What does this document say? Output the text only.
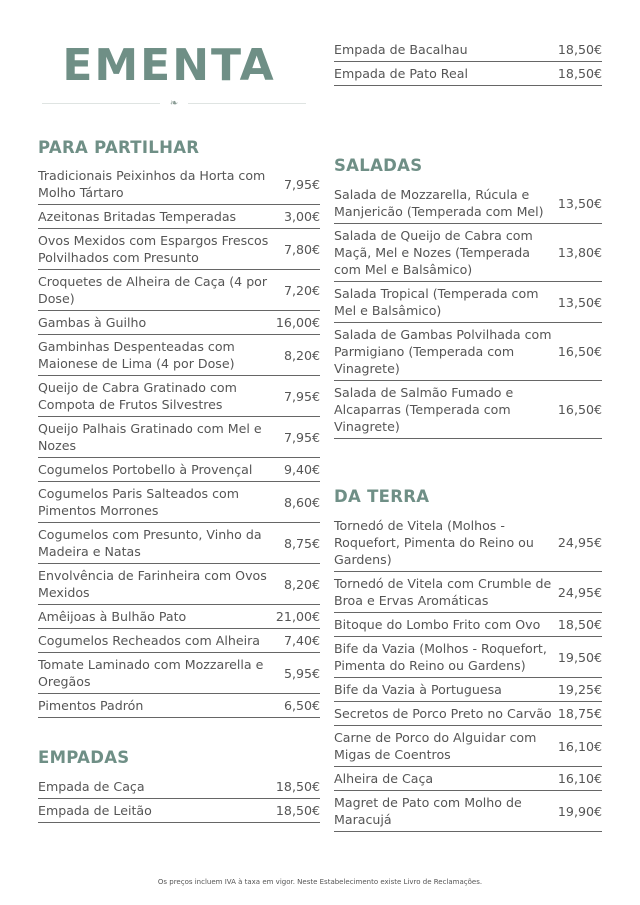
EMENTA
❧
PARA PARTILHAR
Tradicionais Peixinhos da Horta com Molho Tártaro
7,95€
Azeitonas Britadas Temperadas	3,00€
Ovos Mexidos com Espargos Frescos Polvilhados com Presunto
7,80€
Croquetes de Alheira de Caça (4 por Dose)
7,20€
Gambas à Guilho	16,00€
Gambinhas Despenteadas com Maionese de Lima (4 por Dose)
8,20€
Queijo de Cabra Gratinado com Compota de Frutos Silvestres
7,95€
Queijo Palhais Gratinado com Mel e Nozes
7,95€
Cogumelos Portobello à Provençal	9,40€
Cogumelos Paris Salteados com Pimentos Morrones
8,60€
Cogumelos com Presunto, Vinho da Madeira e Natas
8,75€
Envolvência de Farinheira com Ovos Mexidos
8,20€
Amêijoas à Bulhão Pato	21,00€
Cogumelos Recheados com Alheira	7,40€
Tomate Laminado com Mozzarella e Oregãos
5,95€
Pimentos Padrón	6,50€
EMPADAS
Empada de Caça	18,50€
Empada de Leitão	18,50€
Empada de Bacalhau	18,50€
Empada de Pato Real	18,50€
SALADAS
Salada de Mozzarella, Rúcula e Manjericão (Temperada com Mel)
13,50€
Salada de Queijo de Cabra com Maçã, Mel e Nozes (Temperada com Mel e Balsâmico)
13,80€
Salada Tropical (Temperada com Mel e Balsâmico)
13,50€
Salada de Gambas Polvilhada com Parmigiano (Temperada com Vinagrete)
16,50€
Salada de Salmão Fumado e Alcaparras (Temperada com Vinagrete)
16,50€
DA TERRA
Tornedó de Vitela (Molhos - Roquefort, Pimenta do Reino ou Gardens)
24,95€
Tornedó de Vitela com Crumble de Broa e Ervas Aromáticas
24,95€
Bitoque do Lombo Frito com Ovo	18,50€
Bife da Vazia (Molhos - Roquefort, Pimenta do Reino ou Gardens)
19,50€
Bife da Vazia à Portuguesa	19,25€
Secretos de Porco Preto no Carvão 18,75€
Carne de Porco do Alguidar com Migas de Coentros
16,10€
Alheira de Caça	16,10€
Magret de Pato com Molho de Maracujá
19,90€
Os preços incluem IVA à taxa em vigor. Neste Estabelecimento existe Livro de Reclamações.
